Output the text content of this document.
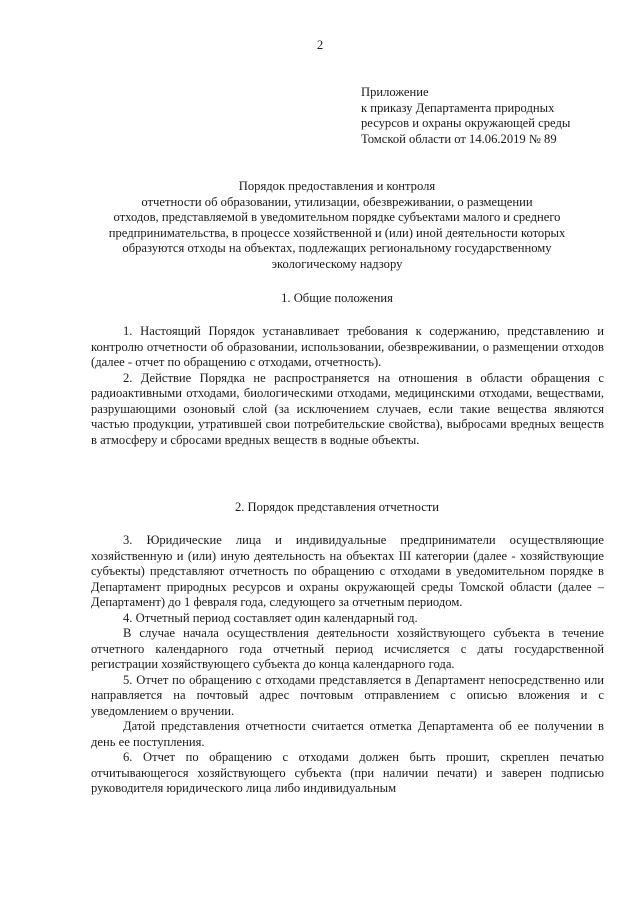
2
Приложение
к приказу Департамента природных
ресурсов и охраны окружающей среды
Томской области от 14.06.2019 № 89
Порядок предоставления и контроля
отчетности об образовании, утилизации, обезвреживании, о размещении
отходов, представляемой в уведомительном порядке субъектами малого и среднего
предпринимательства, в процессе хозяйственной и (или) иной деятельности которых
образуются отходы на объектах, подлежащих региональному государственному
экологическому надзору
1. Общие положения

1. Настоящий Порядок устанавливает требования к содержанию, представлению и контролю отчетности об образовании, использовании, обезвреживании, о размещении отходов (далее - отчет по обращению с отходами, отчетность).

2. Действие Порядка не распространяется на отношения в области обращения с радиоактивными отходами, биологическими отходами, медицинскими отходами, веществами, разрушающими озоновый слой (за исключением случаев, если такие вещества являются частью продукции, утратившей свои потребительские свойства), выбросами вредных веществ в атмосферу и сбросами вредных веществ в водные объекты.

2. Порядок представления отчетности

3. Юридические лица и индивидуальные предприниматели осуществляющие хозяйственную и (или) иную деятельность на объектах III категории (далее - хозяйствующие субъекты) представляют отчетность по обращению с отходами в уведомительном порядке в Департамент природных ресурсов и охраны окружающей среды Томской области (далее – Департамент) до 1 февраля года, следующего за отчетным периодом.

4. Отчетный период составляет один календарный год.

В случае начала осуществления деятельности хозяйствующего субъекта в течение отчетного календарного года отчетный период исчисляется с даты государственной регистрации хозяйствующего субъекта до конца календарного года.

5. Отчет по обращению с отходами представляется в Департамент непосредственно или направляется на почтовый адрес почтовым отправлением с описью вложения и с уведомлением о вручении.

Датой представления отчетности считается отметка Департамента об ее получении в день ее поступления.

6. Отчет по обращению с отходами должен быть прошит, скреплен печатью отчитывающегося хозяйствующего субъекта (при наличии печати) и заверен подписью руководителя юридического лица либо индивидуальным
